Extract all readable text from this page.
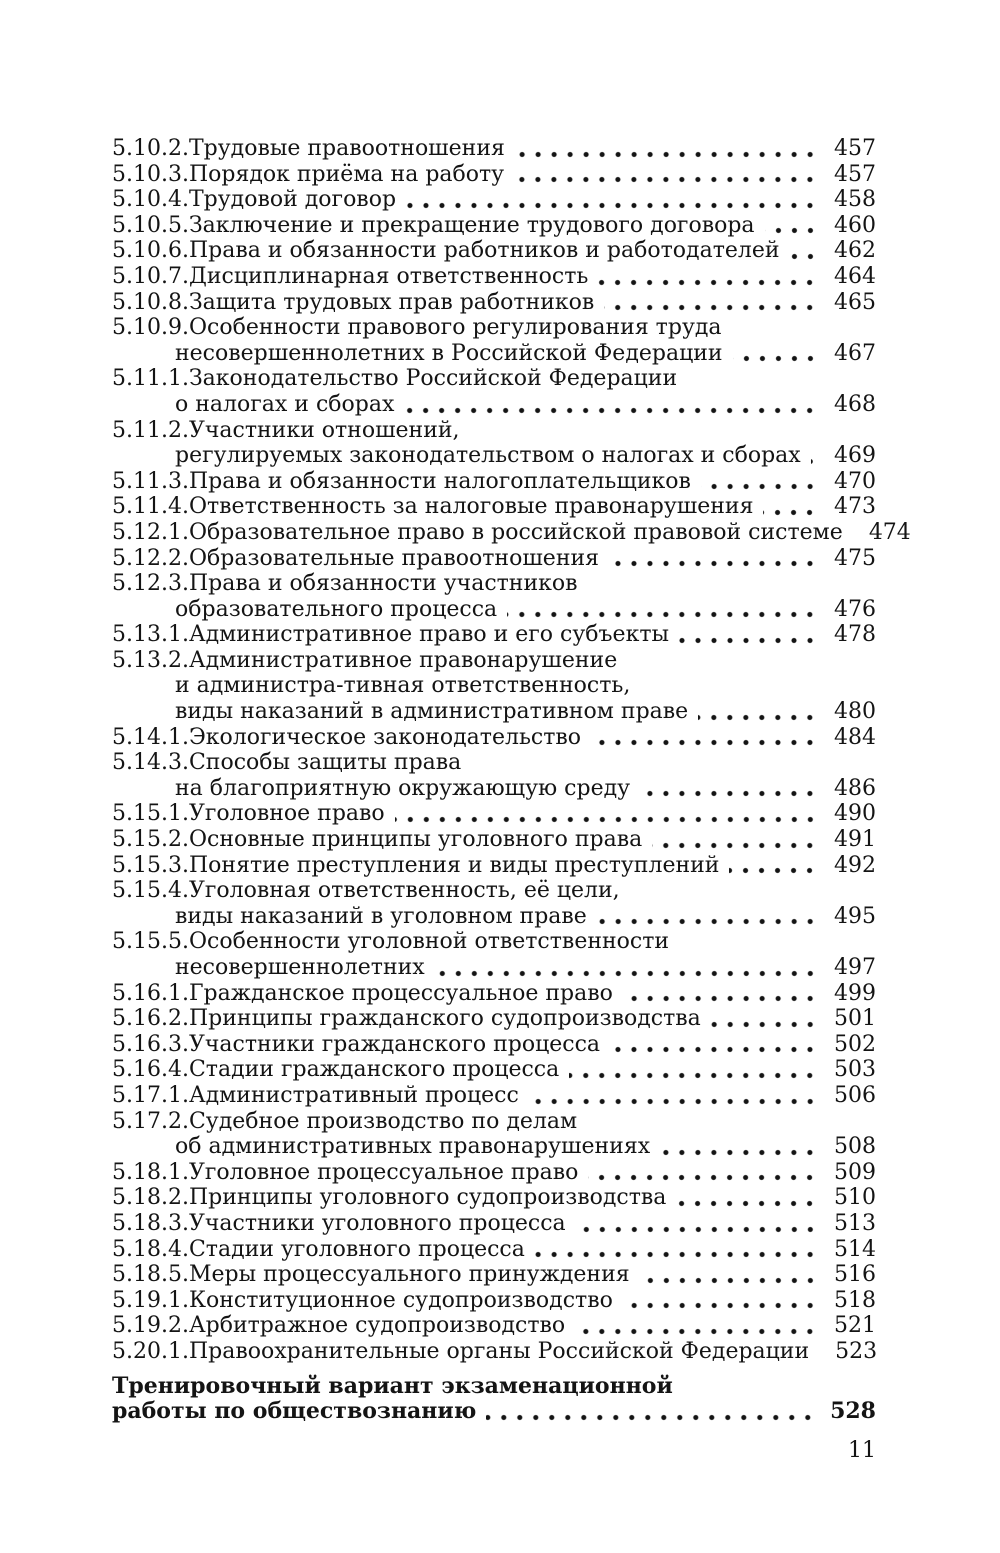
5.10.2. Трудовые правоотношения	457
5.10.3. Порядок приёма на работу	457
5.10.4. Трудовой договор	458
5.10.5. Заключение и прекращение трудового договора	460
5.10.6. Права и обязанности работников и работодателей 462
5.10.7. Дисциплинарная ответственность	464
5.10.8. Защита трудовых прав работников	465
5.10.9. Особенности правового регулирования труда
несовершеннолетних в Российской Федерации	467
5.11.1. Законодательство Российской Федерации
о налогах и сборах	468
5.11.2. Участники отношений,
регулируемых законодательством о налогах и сборах 469
5.11.3. Права и обязанности налогоплательщиков	470
5.11.4. Ответственность за налоговые правонарушения	473
5.12.1. Образовательное право в российской правовой системе 474
5.12.2. Образовательные правоотношения	475
5.12.3. Права и обязанности участников
образовательного процесса	476
5.13.1. Административное право и его субъекты	478
5.13.2. Административное правонарушение
и администра-тивная ответственность,
виды наказаний в административном праве	480
5.14.1. Экологическое законодательство	484
5.14.3. Способы защиты права
на благоприятную окружающую среду	486
5.15.1. Уголовное право	490
5.15.2. Основные принципы уголовного права	491
5.15.3. Понятие преступления и виды преступлений	492
5.15.4. Уголовная ответственность, её цели,
виды наказаний в уголовном праве	495
5.15.5. Особенности уголовной ответственности
несовершеннолетних	497
5.16.1. Гражданское процессуальное право	499
5.16.2. Принципы гражданского судопроизводства	501
5.16.3. Участники гражданского процесса	502
5.16.4. Стадии гражданского процесса	503
5.17.1. Административный процесс	506
5.17.2. Судебное производство по делам
об административных правонарушениях	508
5.18.1. Уголовное процессуальное право	509
5.18.2. Принципы уголовного судопроизводства	510
5.18.3. Участники уголовного процесса	513
5.18.4. Стадии уголовного процесса	514
5.18.5. Меры процессуального принуждения	516
5.19.1. Конституционное судопроизводство	518
5.19.2. Арбитражное судопроизводство	521
5.20.1. Правоохранительные органы Российской Федерации 523
Тренировочный вариант экзаменационной
работы по обществознанию	528
11
